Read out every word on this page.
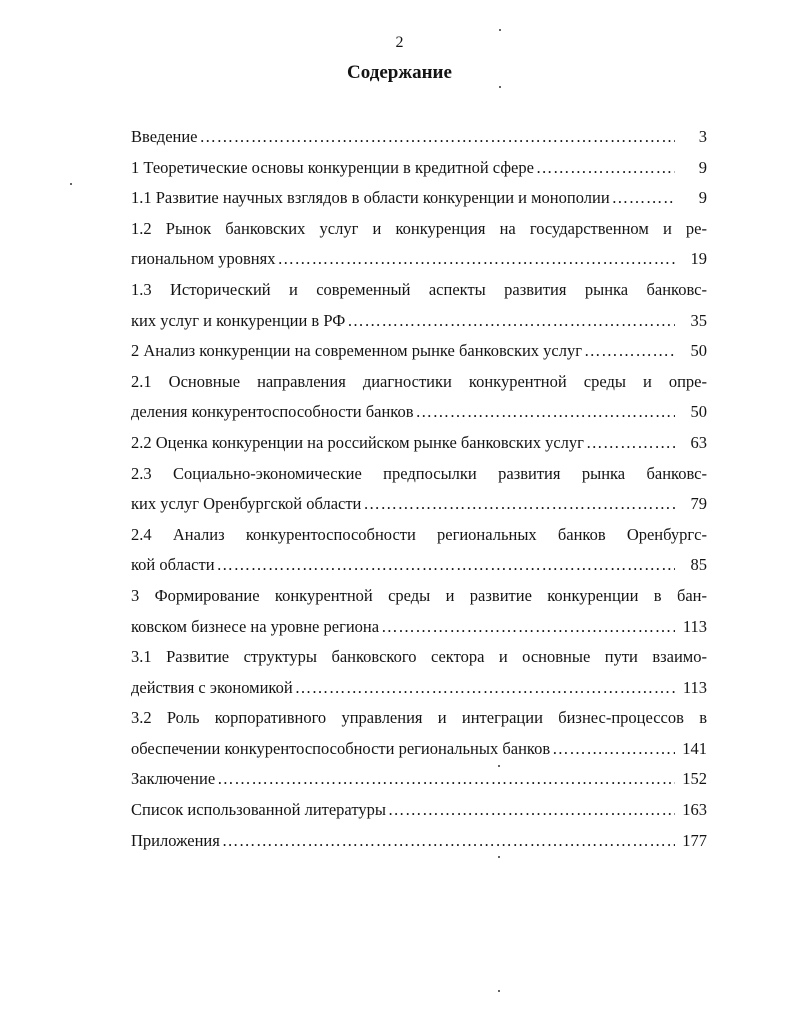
2
Содержание
Введение ………………………………………………………………………………………………………………………………………………………………………………………	3
1 Теоретические основы конкуренции в кредитной сфере ………………………………………………………………………………………………………………………………………………………………………………………	9
1.1 Развитие научных взглядов в области конкуренции и монополии ………………………………………………………………………………………………………………………………………………………………………………………	9
1.2 Рынок банковских услуг и конкуренция на государственном и ре-
гиональном уровнях ………………………………………………………………………………………………………………………………………………………………………………………	19
1.3 Исторический и современный аспекты развития рынка банковс-
ких услуг и конкуренции в РФ ………………………………………………………………………………………………………………………………………………………………………………………	35
2 Анализ конкуренции на современном рынке банковских услуг ………………………………………………………………………………………………………………………………………………………………………………………	50
2.1 Основные направления диагностики конкурентной среды и опре-
деления конкурентоспособности банков ………………………………………………………………………………………………………………………………………………………………………………………	50
2.2 Оценка конкуренции на российском рынке банковских услуг ………………………………………………………………………………………………………………………………………………………………………………………	63
2.3 Социально-экономические предпосылки развития рынка банковс-
ких услуг Оренбургской области ………………………………………………………………………………………………………………………………………………………………………………………	79
2.4 Анализ конкурентоспособности региональных банков Оренбургс-
кой области ………………………………………………………………………………………………………………………………………………………………………………………	85
3 Формирование конкурентной среды и развитие конкуренции в бан-
ковском бизнесе на уровне региона ………………………………………………………………………………………………………………………………………………………………………………………	113
3.1 Развитие структуры банковского сектора и основные пути взаимо-
действия с экономикой ………………………………………………………………………………………………………………………………………………………………………………………	113
3.2 Роль корпоративного управления и интеграции бизнес-процессов в
обеспечении конкурентоспособности региональных банков ………………………………………………………………………………………………………………………………………………………………………………………	141
Заключение ………………………………………………………………………………………………………………………………………………………………………………………	152
Список использованной литературы ………………………………………………………………………………………………………………………………………………………………………………………	163
Приложения ………………………………………………………………………………………………………………………………………………………………………………………	177
